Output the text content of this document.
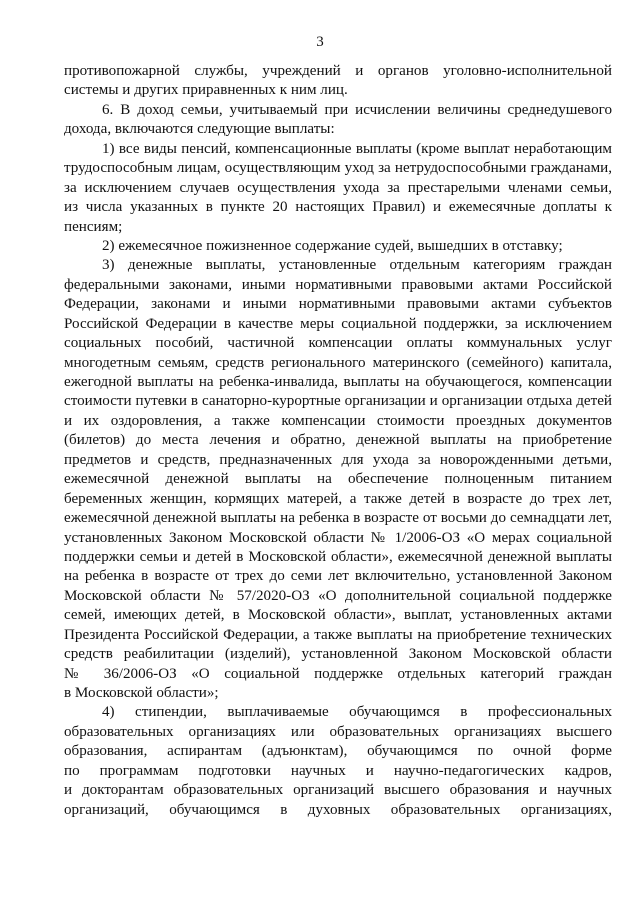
3
противопожарной службы, учреждений и органов уголовно-исполнительной
системы и других приравненных к ним лиц.
6. В доход семьи, учитываемый при исчислении величины среднедушевого
дохода, включаются следующие выплаты:
1) все виды пенсий, компенсационные выплаты (кроме выплат неработающим
трудоспособным лицам, осуществляющим уход за нетрудоспособными гражданами,
за исключением случаев осуществления ухода за престарелыми членами семьи,
из числа указанных в пункте 20 настоящих Правил) и ежемесячные доплаты к
пенсиям;
2) ежемесячное пожизненное содержание судей, вышедших в отставку;
3) денежные выплаты, установленные отдельным категориям граждан
федеральными законами, иными нормативными правовыми актами Российской
Федерации, законами и иными нормативными правовыми актами субъектов
Российской Федерации в качестве меры социальной поддержки, за исключением
социальных пособий, частичной компенсации оплаты коммунальных услуг
многодетным семьям, средств регионального материнского (семейного) капитала,
ежегодной выплаты на ребенка-инвалида, выплаты на обучающегося, компенсации
стоимости путевки в санаторно-курортные организации и организации отдыха детей
и их оздоровления, а также компенсации стоимости проездных документов
(билетов) до места лечения и обратно, денежной выплаты на приобретение
предметов и средств, предназначенных для ухода за новорожденными детьми,
ежемесячной денежной выплаты на обеспечение полноценным питанием
беременных женщин, кормящих матерей, а также детей в возрасте до трех лет,
ежемесячной денежной выплаты на ребенка в возрасте от восьми до семнадцати лет,
установленных Законом Московской области № 1/2006-ОЗ «О мерах социальной
поддержки семьи и детей в Московской области», ежемесячной денежной выплаты
на ребенка в возрасте от трех до семи лет включительно, установленной Законом
Московской области № 57/2020-ОЗ «О дополнительной социальной поддержке
семей, имеющих детей, в Московской области», выплат, установленных актами
Президента Российской Федерации, а также выплаты на приобретение технических
средств реабилитации (изделий), установленной Законом Московской области
№ 36/2006-ОЗ «О социальной поддержке отдельных категорий граждан
в Московской области»;
4) стипендии, выплачиваемые обучающимся в профессиональных
образовательных организациях или образовательных организациях высшего
образования, аспирантам (адъюнктам), обучающимся по очной форме
по программам подготовки научных и научно-педагогических кадров,
и докторантам образовательных организаций высшего образования и научных
организаций, обучающимся в духовных образовательных организациях,
